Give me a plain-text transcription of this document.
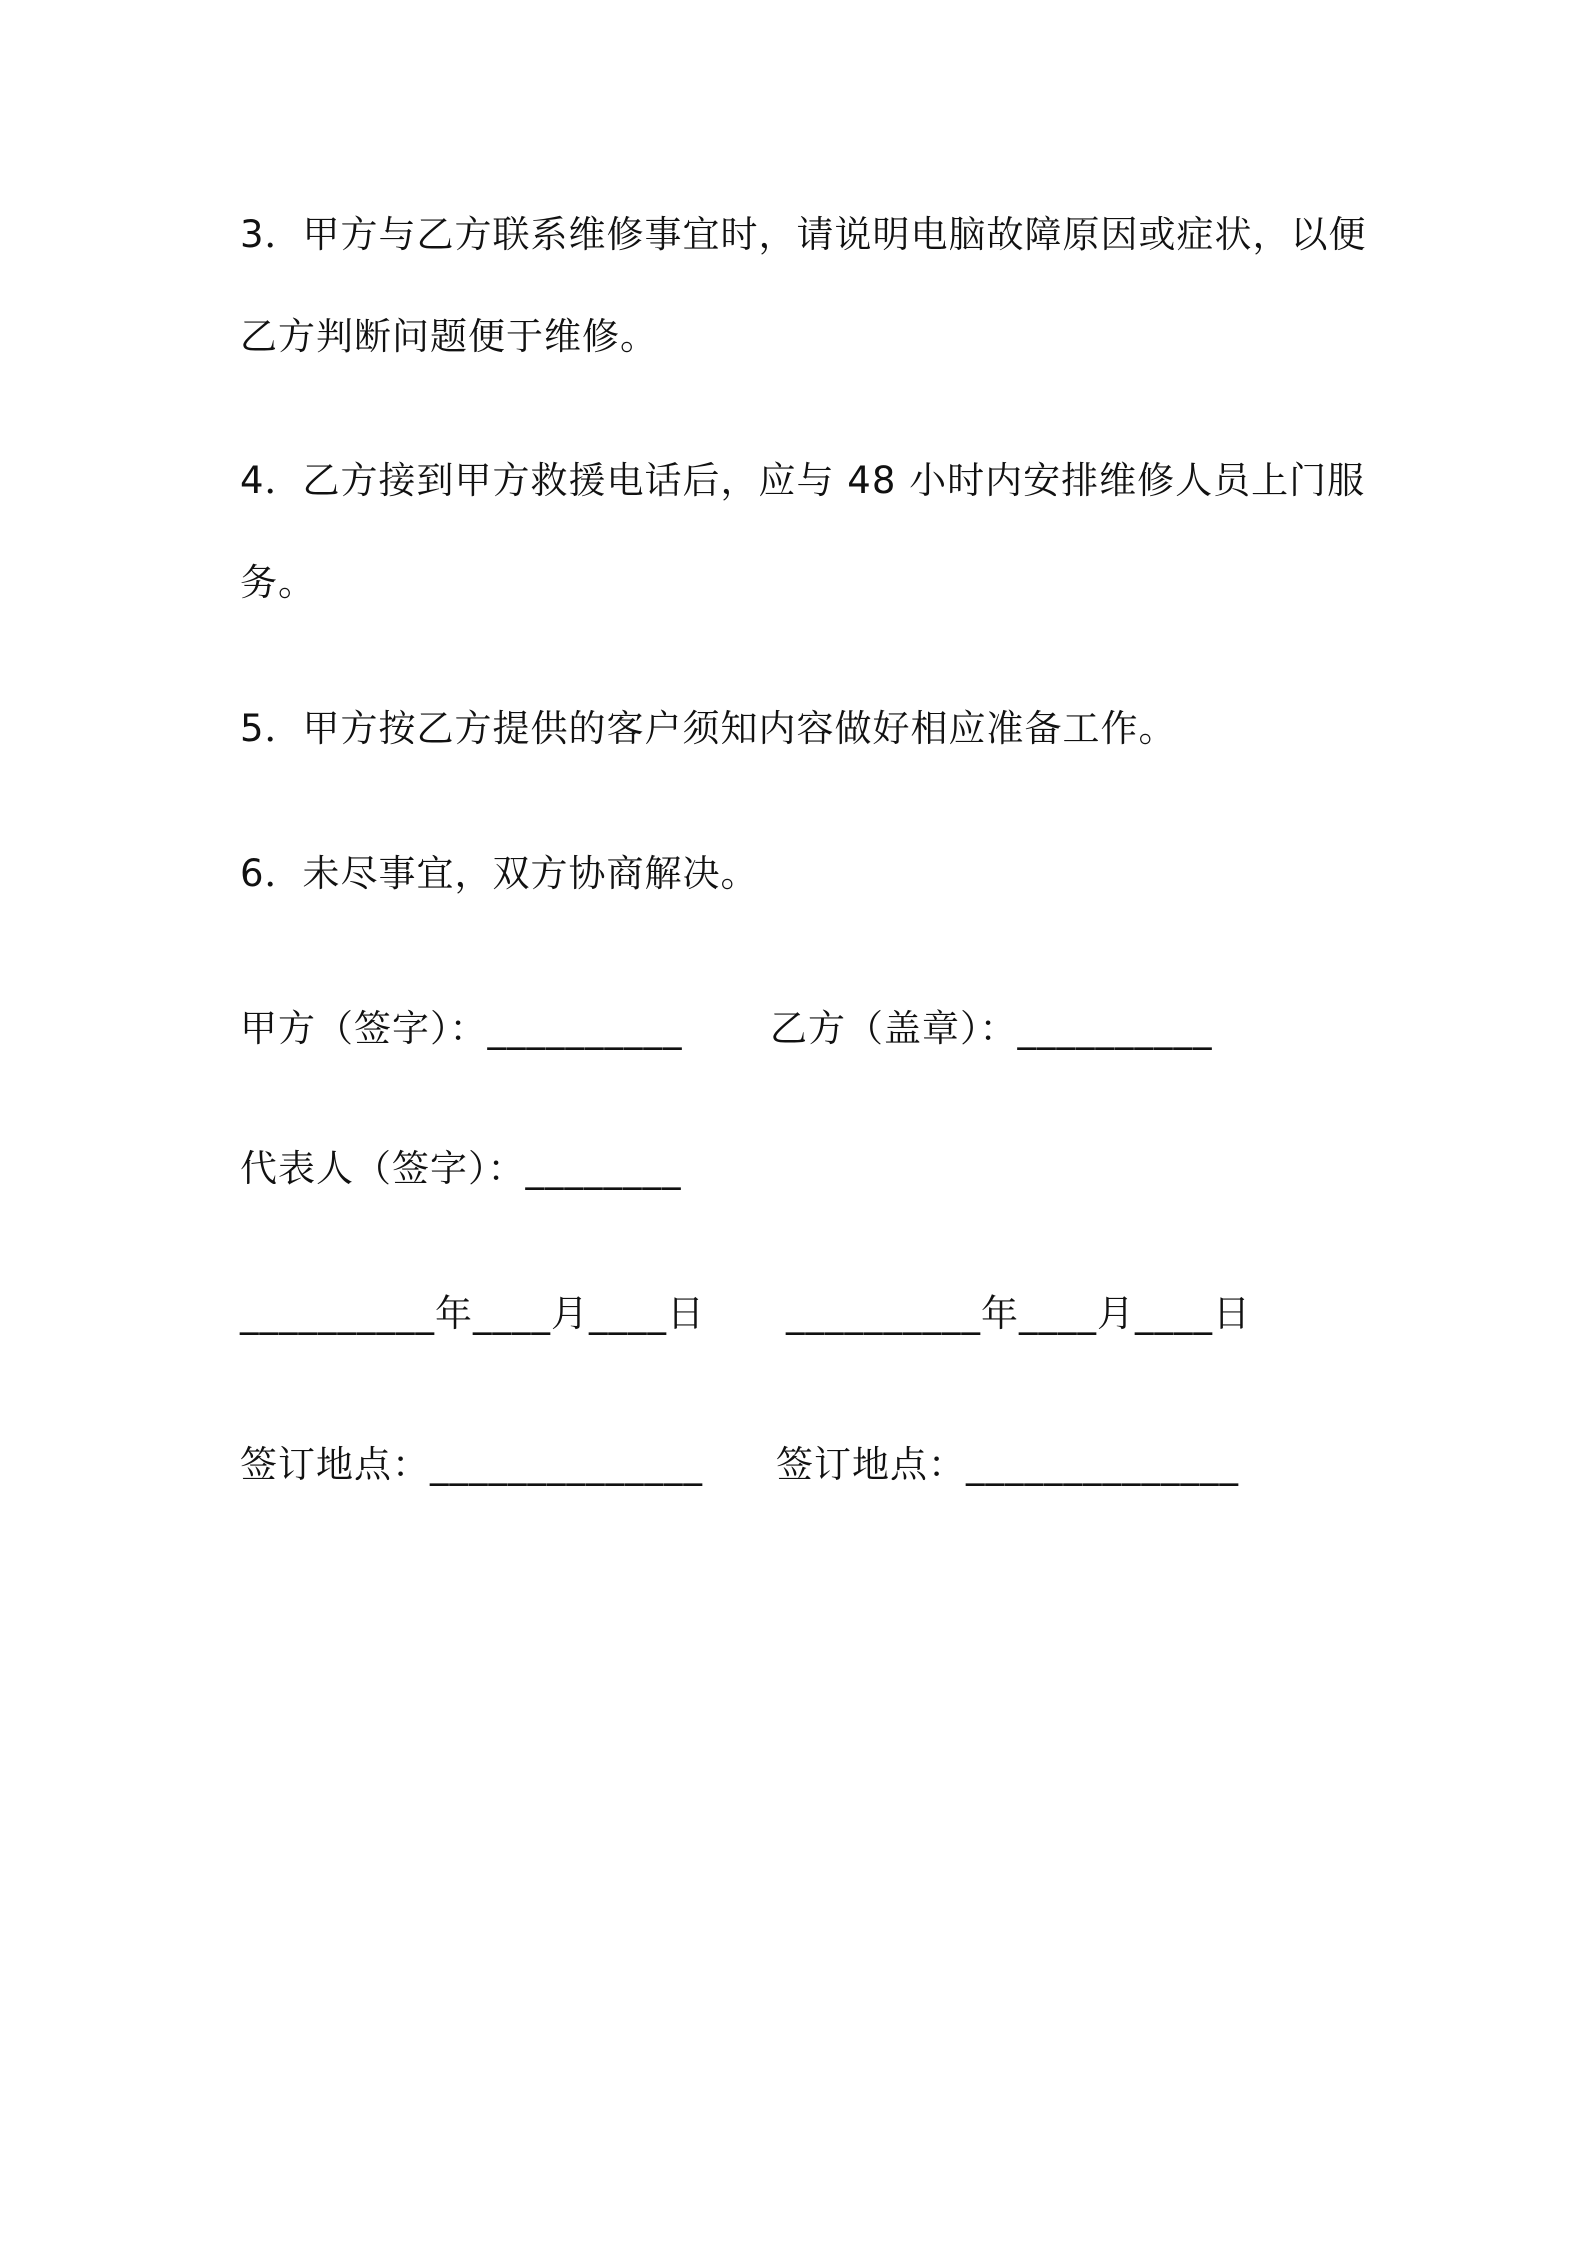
3．甲方与乙方联系维修事宜时，请说明电脑故障原因或症状，以便
乙方判断问题便于维修。
4．乙方接到甲方救援电话后，应与 48 小时内安排维修人员上门服
务。
5．甲方按乙方提供的客户须知内容做好相应准备工作。
6．未尽事宜，双方协商解决。
甲方（签字）：__________ 乙方（盖章）：__________
代表人（签字）：________
__________年____月____日 __________年____月____日
签订地点：______________ 签订地点：______________
